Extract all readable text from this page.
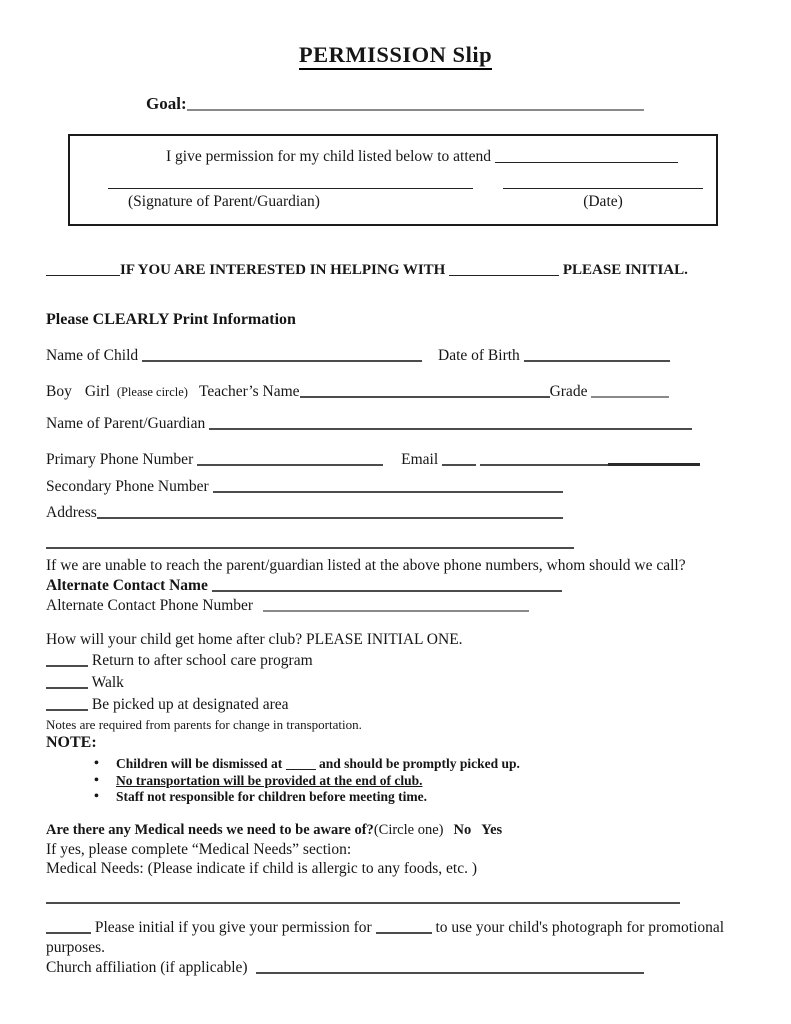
PERMISSION Slip
Goal:
I give permission for my child listed below to attend
(Signature of Parent/Guardian)	(Date)
IF YOU ARE INTERESTED IN HELPING WITH	PLEASE INITIAL.
Please CLEARLY Print Information
Name of Child	Date of Birth
Boy Girl (Please circle) Teacher’s Name	Grade
Name of Parent/Guardian
Primary Phone Number	Email
Secondary Phone Number
Address
If we are unable to reach the parent/guardian listed at the above phone numbers, whom should we call?
Alternate Contact Name
Alternate Contact Phone Number
How will your child get home after club? PLEASE INITIAL ONE.
Return to after school care program
Walk
Be picked up at designated area
Notes are required from parents for change in transportation.
NOTE:
• Children will be dismissed at	and should be promptly picked up.
• No transportation will be provided at the end of club.
• Staff not responsible for children before meeting time.
Are there any Medical needs we need to be aware of?(Circle one) No Yes
If yes, please complete “Medical Needs” section:
Medical Needs: (Please indicate if child is allergic to any foods, etc. )
Please initial if you give your permission for	to use your child's photograph for promotional
purposes.
Church affiliation (if applicable)
